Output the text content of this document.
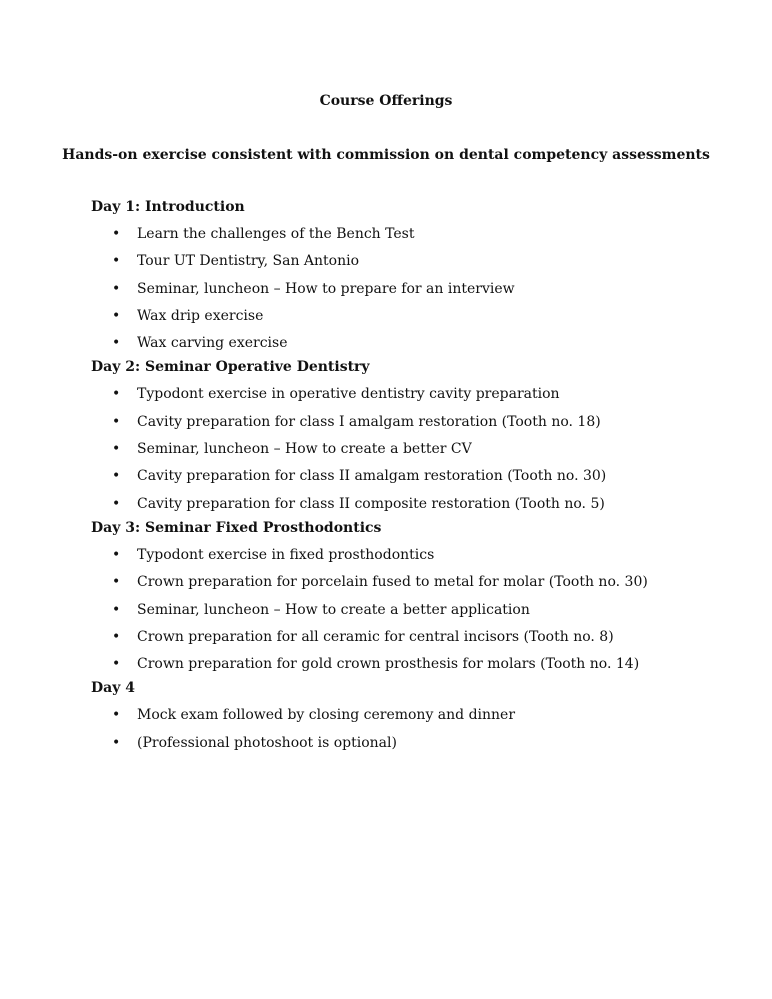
Course Offerings
Hands-on exercise consistent with commission on dental competency assessments
Day 1: Introduction
• Learn the challenges of the Bench Test
• Tour UT Dentistry, San Antonio
• Seminar, luncheon – How to prepare for an interview
• Wax drip exercise
• Wax carving exercise
Day 2: Seminar Operative Dentistry
• Typodont exercise in operative dentistry cavity preparation
• Cavity preparation for class I amalgam restoration (Tooth no. 18)
• Seminar, luncheon – How to create a better CV
• Cavity preparation for class II amalgam restoration (Tooth no. 30)
• Cavity preparation for class II composite restoration (Tooth no. 5)
Day 3: Seminar Fixed Prosthodontics
• Typodont exercise in fixed prosthodontics
• Crown preparation for porcelain fused to metal for molar (Tooth no. 30)
• Seminar, luncheon – How to create a better application
• Crown preparation for all ceramic for central incisors (Tooth no. 8)
• Crown preparation for gold crown prosthesis for molars (Tooth no. 14)
Day 4
• Mock exam followed by closing ceremony and dinner
• (Professional photoshoot is optional)
